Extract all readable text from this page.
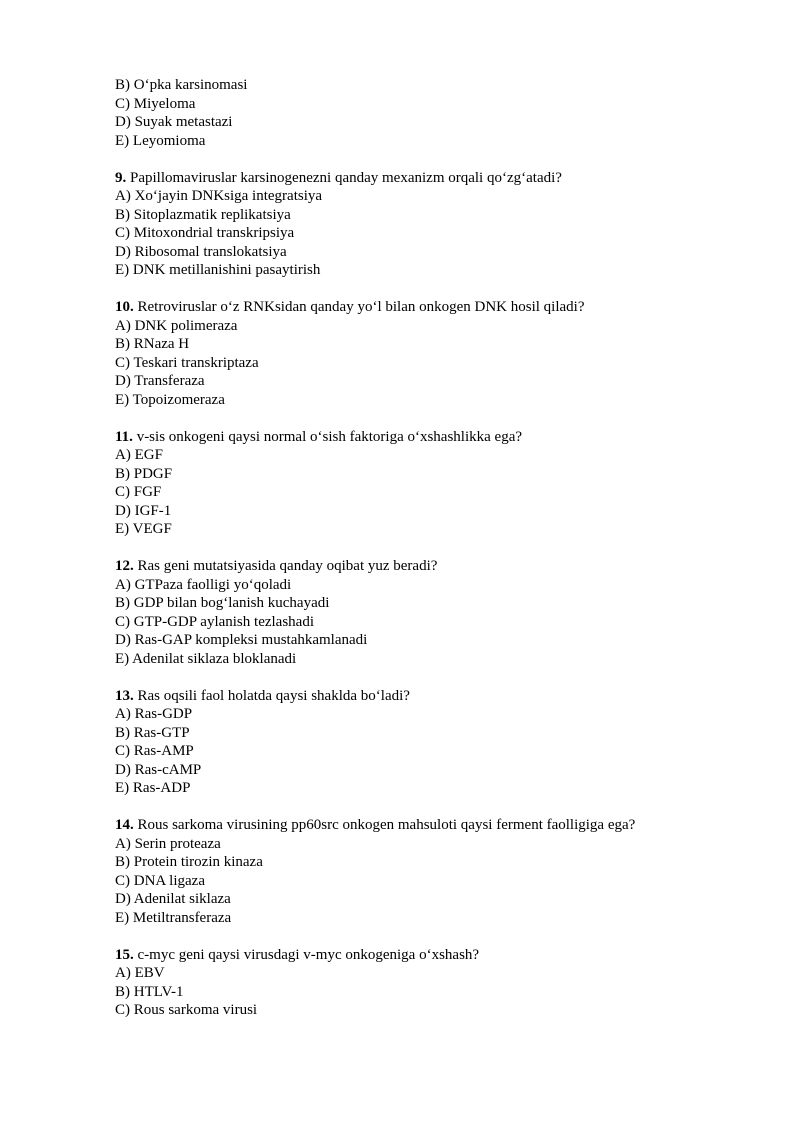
B) O‘pka karsinomasi
C) Miyeloma
D) Suyak metastazi
E) Leyomioma
9. Papillomaviruslar karsinogenezni qanday mexanizm orqali qo‘zg‘atadi?
A) Xo‘jayin DNKsiga integratsiya
B) Sitoplazmatik replikatsiya
C) Mitoxondrial transkripsiya
D) Ribosomal translokatsiya
E) DNK metillanishini pasaytirish
10. Retroviruslar o‘z RNKsidan qanday yo‘l bilan onkogen DNK hosil qiladi?
A) DNK polimeraza
B) RNaza H
C) Teskari transkriptaza
D) Transferaza
E) Topoizomeraza
11. v-sis onkogeni qaysi normal o‘sish faktoriga o‘xshashlikka ega?
A) EGF
B) PDGF
C) FGF
D) IGF-1
E) VEGF
12. Ras geni mutatsiyasida qanday oqibat yuz beradi?
A) GTPaza faolligi yo‘qoladi
B) GDP bilan bog‘lanish kuchayadi
C) GTP-GDP aylanish tezlashadi
D) Ras-GAP kompleksi mustahkamlanadi
E) Adenilat siklaza bloklanadi
13. Ras oqsili faol holatda qaysi shaklda bo‘ladi?
A) Ras-GDP
B) Ras-GTP
C) Ras-AMP
D) Ras-cAMP
E) Ras-ADP
14. Rous sarkoma virusining pp60src onkogen mahsuloti qaysi ferment faolligiga ega?
A) Serin proteaza
B) Protein tirozin kinaza
C) DNA ligaza
D) Adenilat siklaza
E) Metiltransferaza
15. c-myc geni qaysi virusdagi v-myc onkogeniga o‘xshash?
A) EBV
B) HTLV-1
C) Rous sarkoma virusi
